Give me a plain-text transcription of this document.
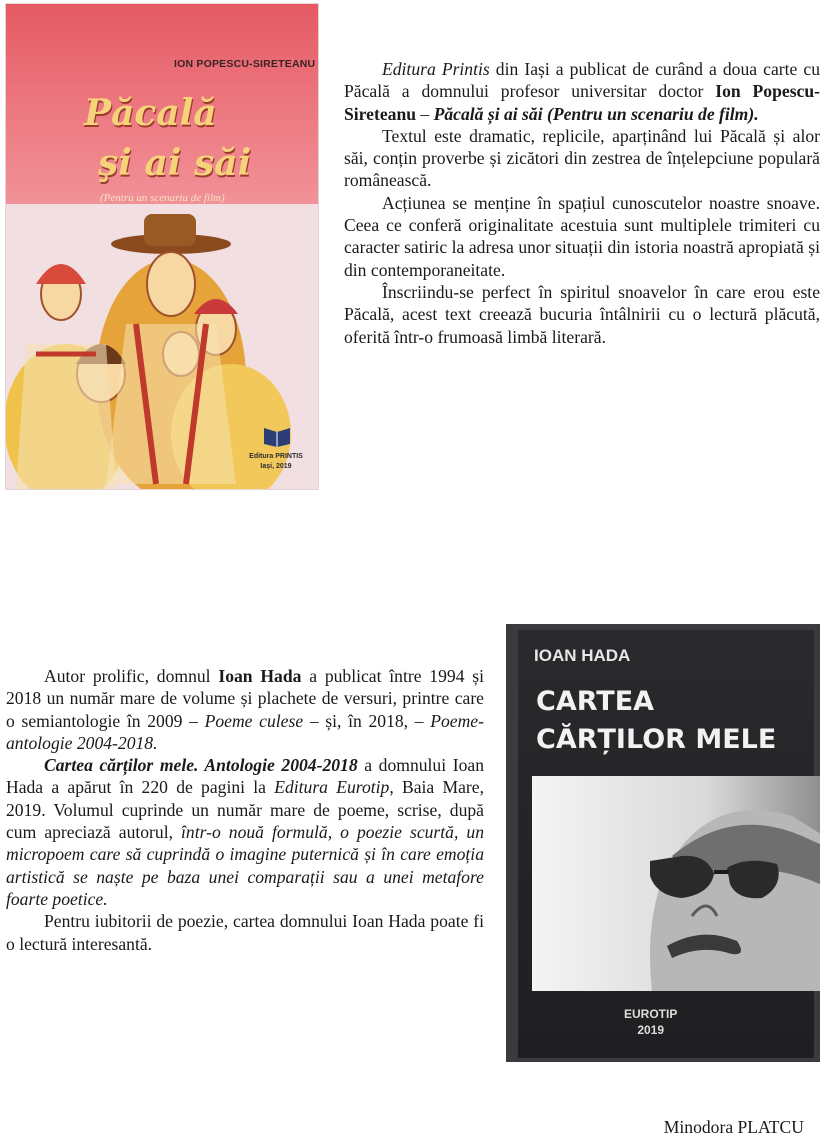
ION POPESCU-SIRETEANU
Păcală
şi ai săi
(Pentru un scenariu de film)
Editura PRINTIS
Iași, 2019

Editura Printis din Iași a publicat de curând a doua carte cu Păcală a domnului profesor universitar doctor Ion Popescu-Sireteanu – Păcală și ai săi (Pentru un scenariu de film).

Textul este dramatic, replicile, aparținând lui Păcală și alor săi, conțin proverbe și zicători din zestrea de înțelepciune populară românească.

Acțiunea se menține în spațiul cunoscutelor noastre snoave. Ceea ce conferă originalitate acestuia sunt multiplele trimiteri cu caracter satiric la adresa unor situații din istoria noastră apropiată și din contemporaneitate.

Înscriindu-se perfect în spiritul snoavelor în care erou este Păcală, acest text creează bucuria întâlnirii cu o lectură plăcută, oferită într-o frumoasă limbă literară.

Autor prolific, domnul Ioan Hada a publicat între 1994 și 2018 un număr mare de volume și plachete de versuri, printre care o semiantologie în 2009 – Poeme culese – și, în 2018, – Poeme-antologie 2004-2018.

Cartea cărților mele. Antologie 2004-2018 a domnului Ioan Hada a apărut în 220 de pagini la Editura Eurotip, Baia Mare, 2019. Volumul cuprinde un număr mare de poeme, scrise, după cum apreciază autorul, într-o nouă formulă, o poezie scurtă, un micropoem care să cuprindă o imagine puternică și în care emoția artistică se naște pe baza unei comparații sau a unei metafore foarte poetice.

Pentru iubitorii de poezie, cartea domnului Ioan Hada poate fi o lectură interesantă.

IOAN HADA
CARTEA
CĂRȚILOR MELE
EUROTIP
2019
Minodora PLATCU
